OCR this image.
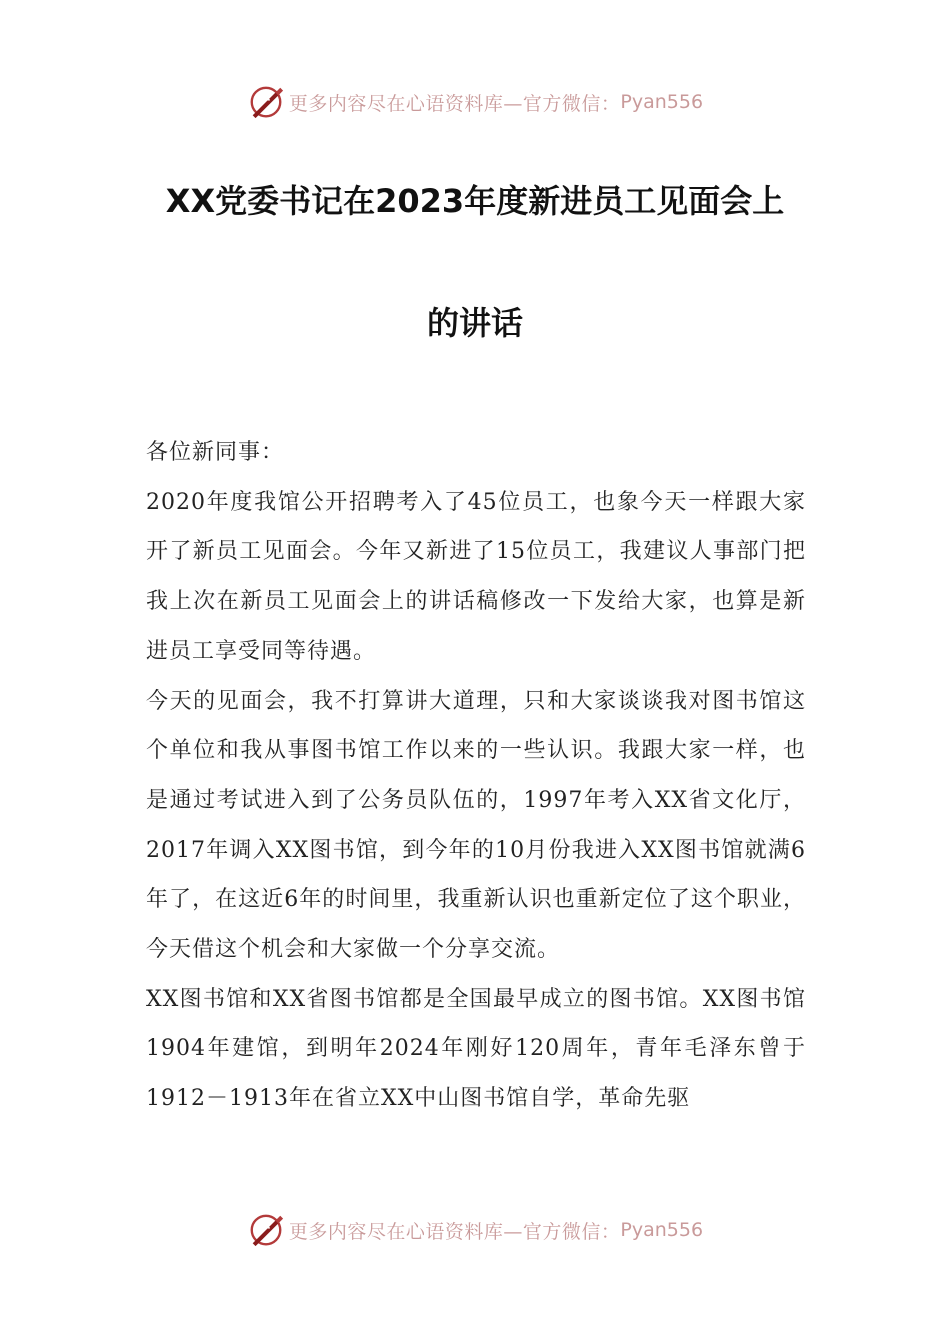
更多内容尽在心语资料库—官方微信： Pyan556
XX党委书记在2023年度新进员工见面会上
的讲话

各位新同事：

2020年度我馆公开招聘考入了45位员工，也象今天一样跟大家开了新员工见面会。今年又新进了15位员工，我建议人事部门把我上次在新员工见面会上的讲话稿修改一下发给大家，也算是新进员工享受同等待遇。

今天的见面会，我不打算讲大道理，只和大家谈谈我对图书馆这个单位和我从事图书馆工作以来的一些认识。我跟大家一样，也是通过考试进入到了公务员队伍的，1997年考入XX省文化厅，2017年调入XX图书馆，到今年的10月份我进入XX图书馆就满6年了，在这近6年的时间里，我重新认识也重新定位了这个职业，今天借这个机会和大家做一个分享交流。

XX图书馆和XX省图书馆都是全国最早成立的图书馆。XX图书馆1904年建馆，到明年2024年刚好120周年，青年毛泽东曾于1912－1913年在省立XX中山图书馆自学，革命先驱

更多内容尽在心语资料库—官方微信： Pyan556
